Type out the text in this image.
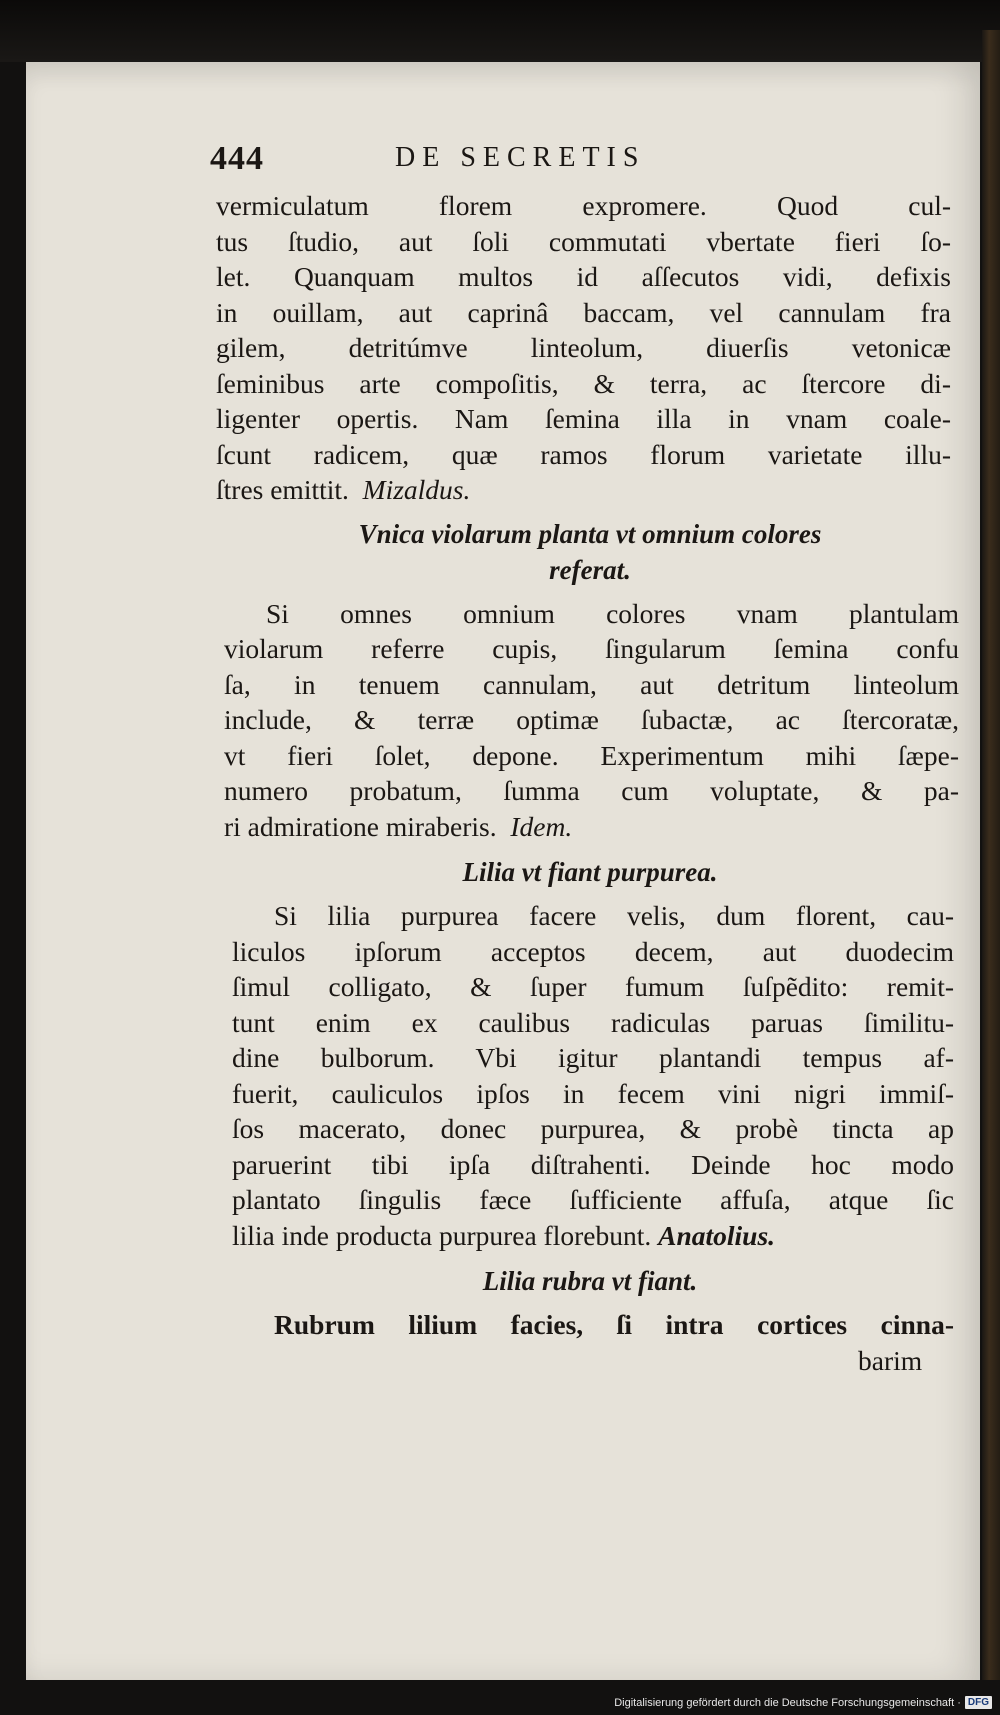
444	DE SECRETIS
vermiculatum florem expromere. Quod cul-
tus ſtudio, aut ſoli commutati vbertate fieri ſo-
let. Quanquam multos id aſſecutos vidi, defixis
in ouillam, aut caprinâ baccam, vel cannulam fra
gilem, detritúmve linteolum, diuerſis vetonicæ
ſeminibus arte compoſitis, & terra, ac ſtercore di-
ligenter opertis. Nam ſemina illa in vnam coale-
ſcunt radicem, quæ ramos florum varietate illu-
ſtres emittit. Mizaldus.
Vnica violarum planta vt omnium colores
referat.
Si omnes omnium colores vnam plantulam
violarum referre cupis, ſingularum ſemina confu
ſa, in tenuem cannulam, aut detritum linteolum
include, & terræ optimæ ſubactæ, ac ſtercoratæ,
vt fieri ſolet, depone. Experimentum mihi ſæpe-
numero probatum, ſumma cum voluptate, & pa-
ri admiratione miraberis. Idem.
Lilia vt fiant purpurea.
Si lilia purpurea facere velis, dum florent, cau-
liculos ipſorum acceptos decem, aut duodecim
ſimul colligato, & ſuper fumum ſuſpẽdito: remit-
tunt enim ex caulibus radiculas paruas ſimilitu-
dine bulborum. Vbi igitur plantandi tempus af-
fuerit, cauliculos ipſos in fecem vini nigri immiſ-
ſos macerato, donec purpurea, & probè tincta ap
paruerint tibi ipſa diſtrahenti. Deinde hoc modo
plantato ſingulis fæce ſufficiente affuſa, atque ſic
lilia inde producta purpurea florebunt. Anatolius.
Lilia rubra vt fiant.
Rubrum lilium facies, ſi intra cortices cinna-
barim
Digitalisierung gefördert durch die Deutsche Forschungsgemeinschaft · DFG
